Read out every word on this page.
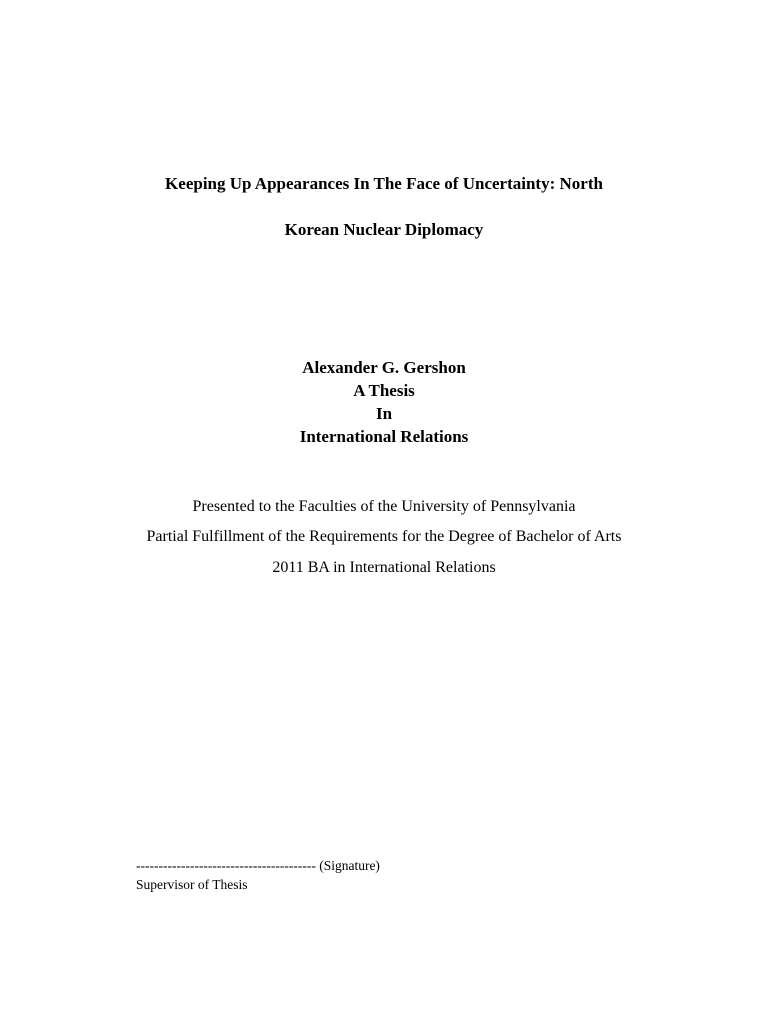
Keeping Up Appearances In The Face of Uncertainty: North
Korean Nuclear Diplomacy
Alexander G. Gershon
A Thesis
In
International Relations
Presented to the Faculties of the University of Pennsylvania
Partial Fulfillment of the Requirements for the Degree of Bachelor of Arts
2011 BA in International Relations
---------------------------------------- (Signature)
Supervisor of Thesis
